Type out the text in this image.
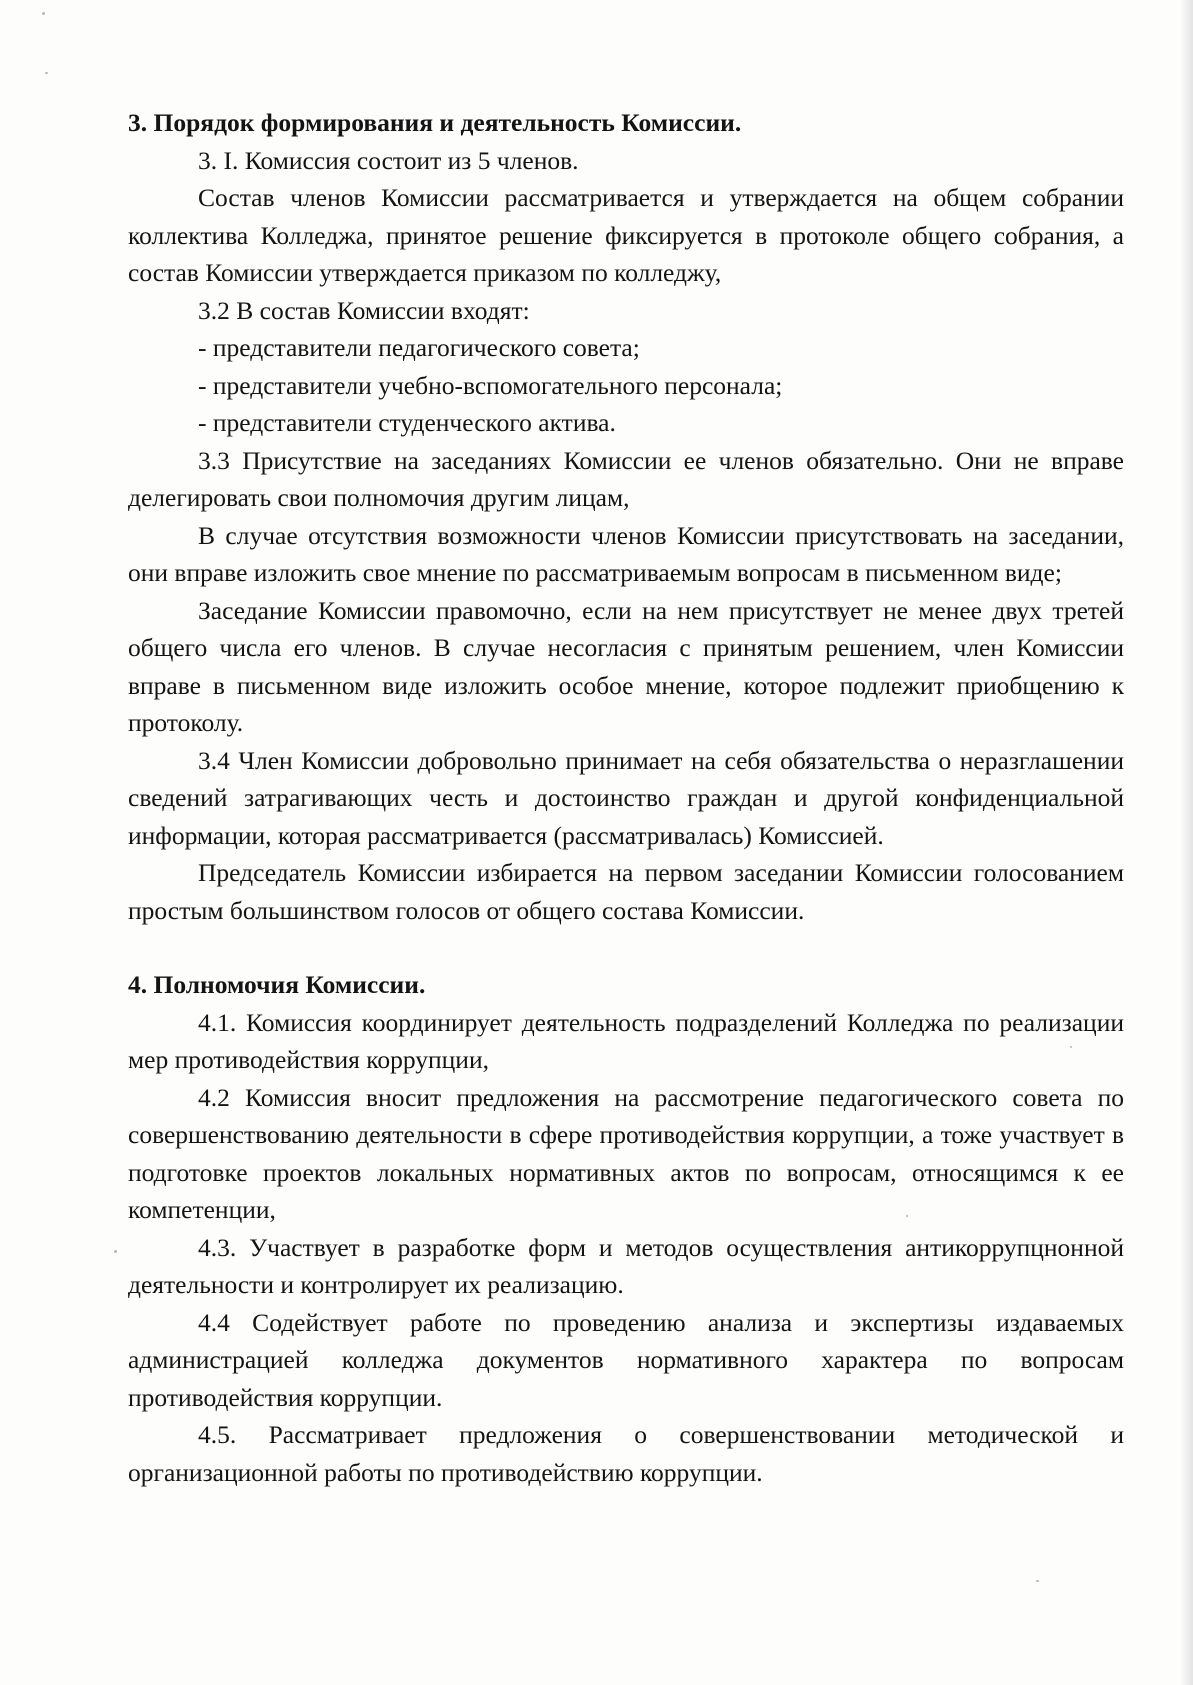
3. Порядок формирования и деятельность Комиссии.

3. I. Комиссия состоит из 5 членов.

Состав членов Комиссии рассматривается и утверждается на общем собрании коллектива Колледжа, принятое решение фиксируется в протоколе общего собрания, а состав Комиссии утверждается приказом по колледжу,

3.2 В состав Комиссии входят:

- представители педагогического совета;

- представители учебно-вспомогательного персонала;

- представители студенческого актива.

3.3 Присутствие на заседаниях Комиссии ее членов обязательно. Они не вправе делегировать свои полномочия другим лицам,

В случае отсутствия возможности членов Комиссии присутствовать на заседании, они вправе изложить свое мнение по рассматриваемым вопросам в письменном виде;

Заседание Комиссии правомочно, если на нем присутствует не менее двух третей общего числа его членов. В случае несогласия с принятым решением, член Комиссии вправе в письменном виде изложить особое мнение, которое подлежит приобщению к протоколу.

3.4 Член Комиссии добровольно принимает на себя обязательства о неразглашении сведений затрагивающих честь и достоинство граждан и другой конфиденциальной информации, которая рассматривается (рассматривалась) Комиссией.

Председатель Комиссии избирается на первом заседании Комиссии голосованием простым большинством голосов от общего состава Комиссии.

4. Полномочия Комиссии.

4.1. Комиссия координирует деятельность подразделений Колледжа по реализации мер противодействия коррупции,

4.2 Комиссия вносит предложения на рассмотрение педагогического совета по совершенствованию деятельности в сфере противодействия коррупции, а тоже участвует в подготовке проектов локальных нормативных актов по вопросам, относящимся к ее компетенции,

4.3. Участвует в разработке форм и методов осуществления антикоррупцнонной деятельности и контролирует их реализацию.

4.4 Содействует работе по проведению анализа и экспертизы издаваемых администрацией колледжа документов нормативного характера по вопросам противодействия коррупции.

4.5. Рассматривает предложения о совершенствовании методической и организационной работы по противодействию коррупции.
